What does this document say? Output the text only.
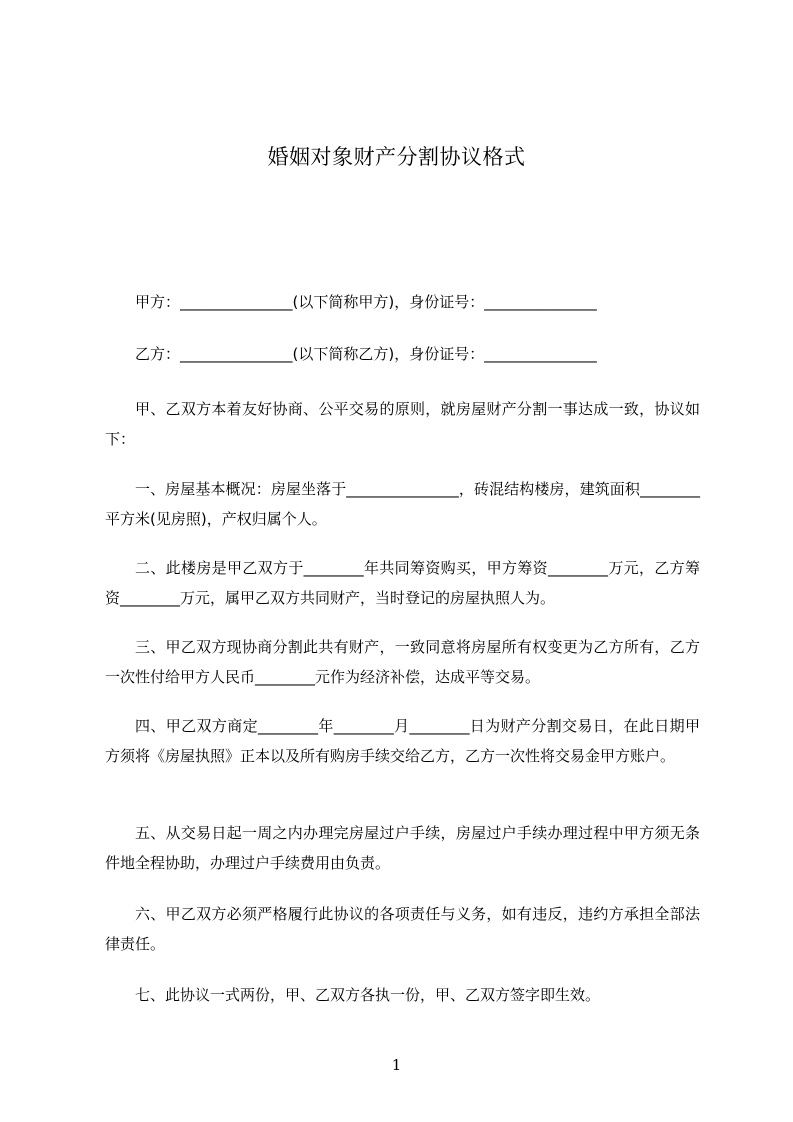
婚姻对象财产分割协议格式

甲方：_______________(以下简称甲方)，身份证号：_______________

乙方：_______________(以下简称乙方)，身份证号：_______________

甲、乙双方本着友好协商、公平交易的原则，就房屋财产分割一事达成一致，协议如下：

一、房屋基本概况：房屋坐落于_______________，砖混结构楼房，建筑面积________平方米(见房照)，产权归属个人。

二、此楼房是甲乙双方于________年共同筹资购买，甲方筹资________万元，乙方筹资________万元，属甲乙双方共同财产，当时登记的房屋执照人为。

三、甲乙双方现协商分割此共有财产，一致同意将房屋所有权变更为乙方所有，乙方一次性付给甲方人民币________元作为经济补偿，达成平等交易。

四、甲乙双方商定________年________月________日为财产分割交易日，在此日期甲方须将《房屋执照》正本以及所有购房手续交给乙方，乙方一次性将交易金甲方账户。

五、从交易日起一周之内办理完房屋过户手续，房屋过户手续办理过程中甲方须无条件地全程协助，办理过户手续费用由负责。

六、甲乙双方必须严格履行此协议的各项责任与义务，如有违反，违约方承担全部法律责任。

七、此协议一式两份，甲、乙双方各执一份，甲、乙双方签字即生效。

1
